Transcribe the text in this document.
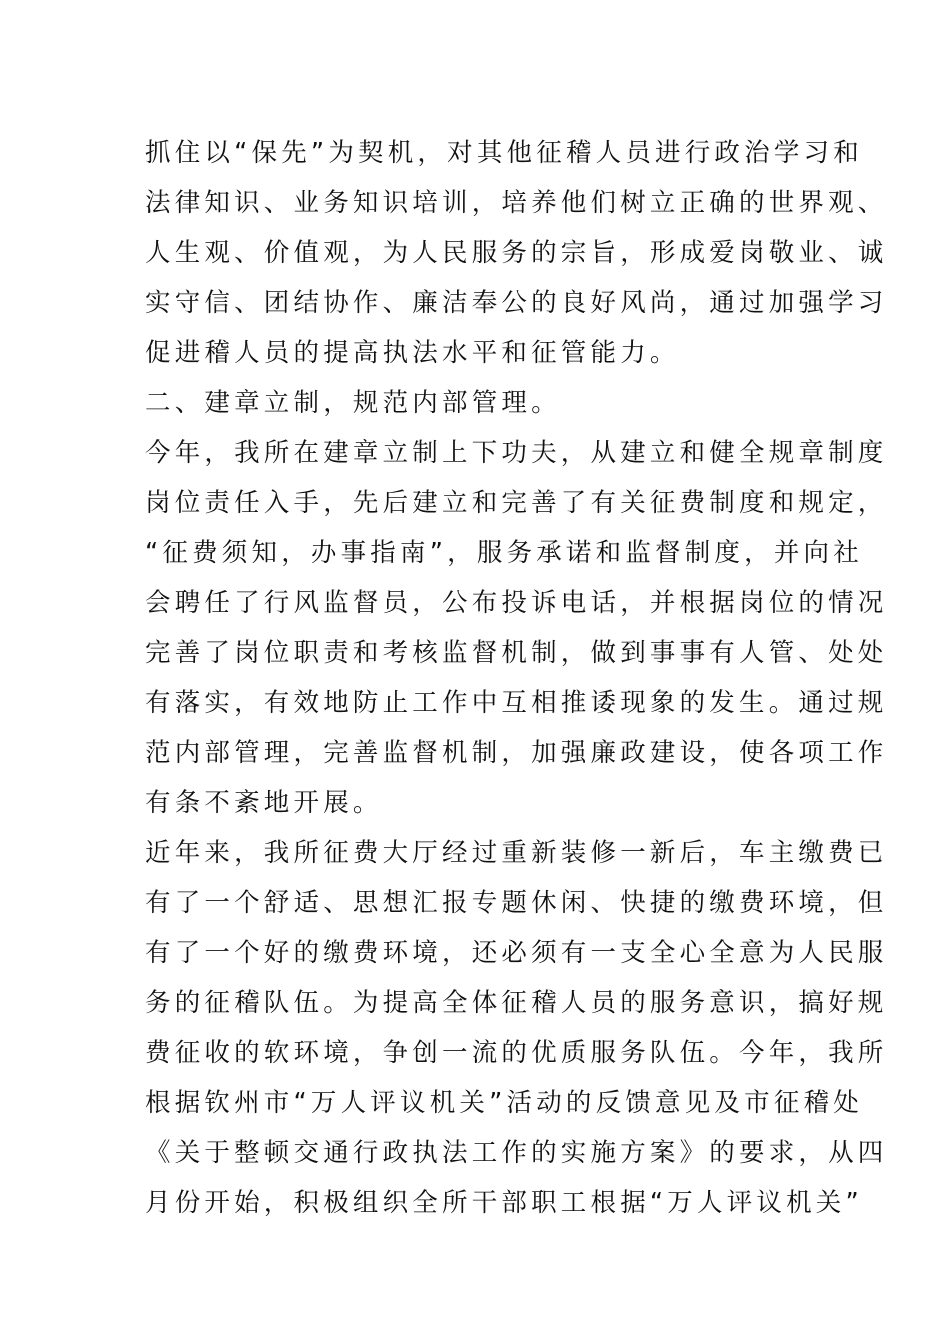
抓住以“保先”为契机，对其他征稽人员进行政治学习和
法律知识、业务知识培训，培养他们树立正确的世界观、
人生观、价值观，为人民服务的宗旨，形成爱岗敬业、诚
实守信、团结协作、廉洁奉公的良好风尚，通过加强学习
促进稽人员的提高执法水平和征管能力。
二、建章立制，规范内部管理。
今年，我所在建章立制上下功夫，从建立和健全规章制度
岗位责任入手，先后建立和完善了有关征费制度和规定，
“征费须知，办事指南”，服务承诺和监督制度，并向社
会聘任了行风监督员，公布投诉电话，并根据岗位的情况
完善了岗位职责和考核监督机制，做到事事有人管、处处
有落实，有效地防止工作中互相推诿现象的发生。通过规
范内部管理，完善监督机制，加强廉政建设，使各项工作
有条不紊地开展。
近年来，我所征费大厅经过重新装修一新后，车主缴费已
有了一个舒适、思想汇报专题休闲、快捷的缴费环境，但
有了一个好的缴费环境，还必须有一支全心全意为人民服
务的征稽队伍。为提高全体征稽人员的服务意识，搞好规
费征收的软环境，争创一流的优质服务队伍。今年，我所
根据钦州市“万人评议机关”活动的反馈意见及市征稽处
《关于整顿交通行政执法工作的实施方案》的要求，从四
月份开始，积极组织全所干部职工根据“万人评议机关”
